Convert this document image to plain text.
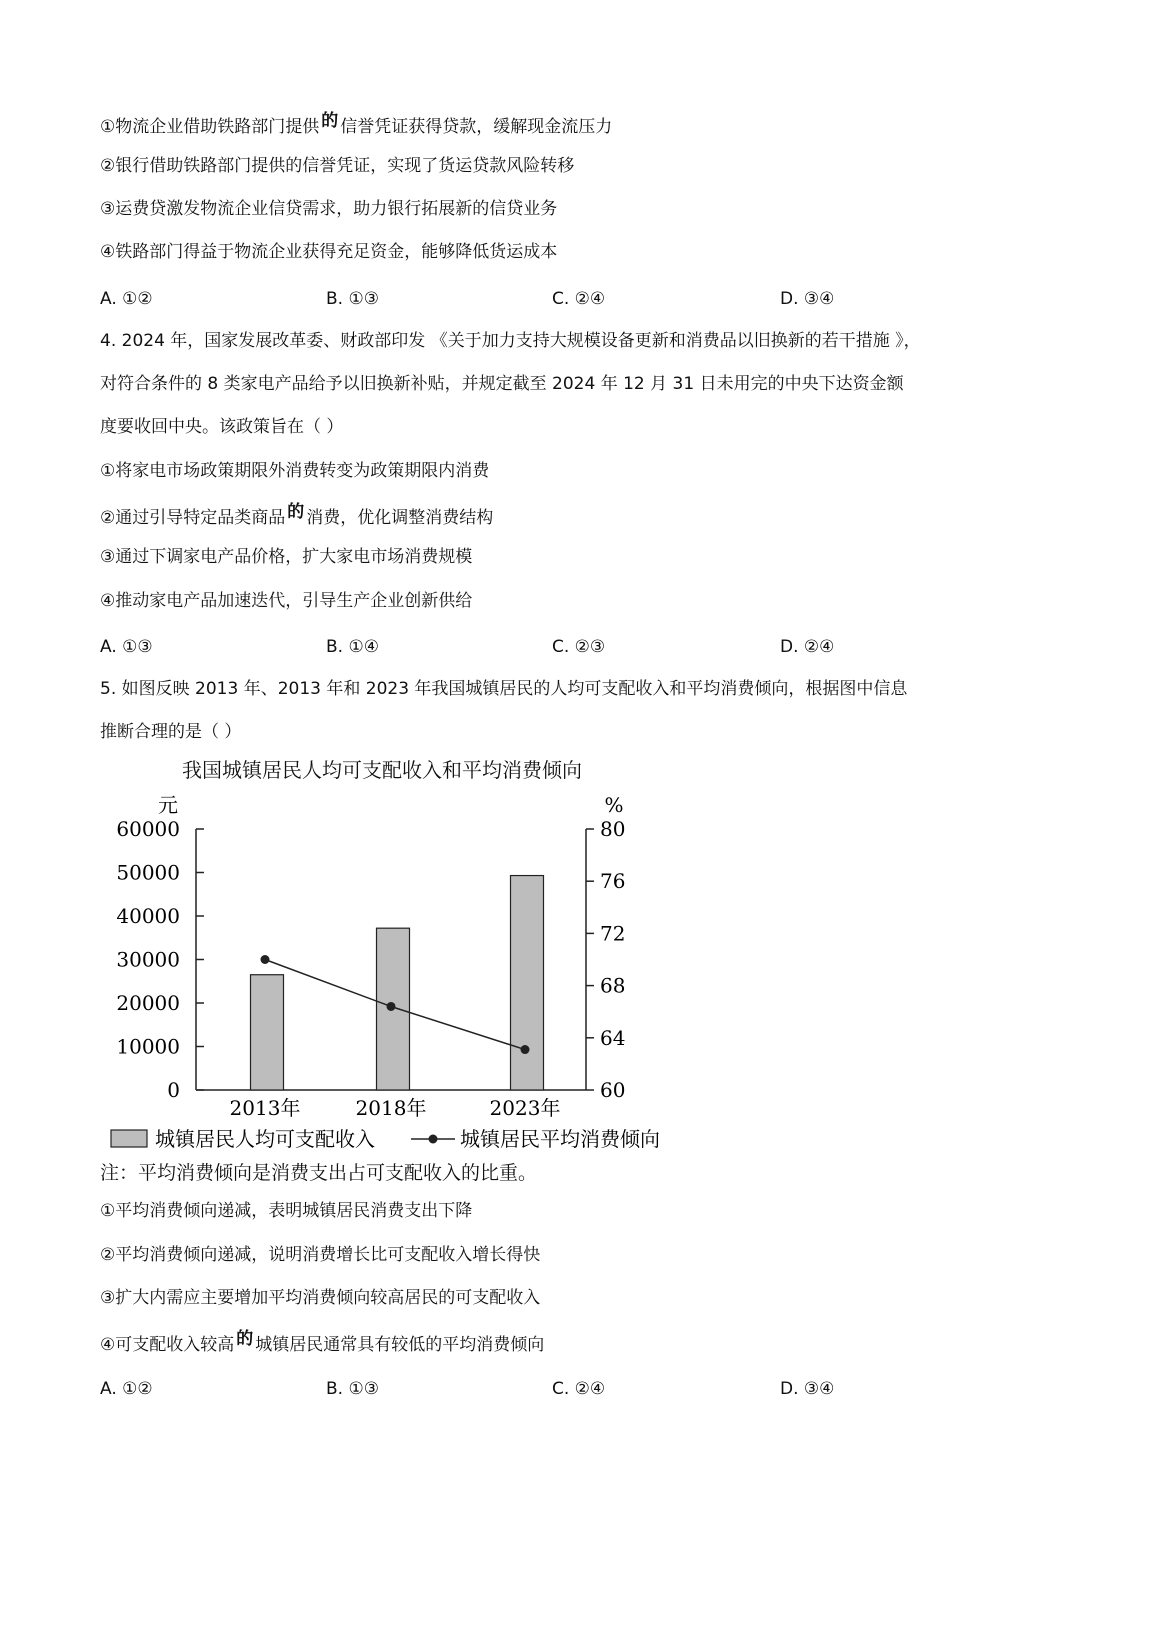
①物流企业借助铁路部门提供 的 信誉凭证获得贷款，缓解现金流压力
②银行借助铁路部门提供的信誉凭证，实现了货运贷款风险转移
③运费贷激发物流企业信贷需求，助力银行拓展新的信贷业务
④铁路部门得益于物流企业获得充足资金，能够降低货运成本
A. ①②	B. ①③	C. ②④	D. ③④
4. 2024 年，国家发展改革委、财政部印发 《关于加力支持大规模设备更新和消费品以旧换新的若干措施 》，
对符合条件的 8 类家电产品给予以旧换新补贴，并规定截至 2024 年 12 月 31 日未用完的中央下达资金额
度要收回中央。该政策旨在（ ）
①将家电市场政策期限外消费转变为政策期限内消费
②通过引导特定品类商品 的 消费，优化调整消费结构
③通过下调家电产品价格，扩大家电市场消费规模
④推动家电产品加速迭代，引导生产企业创新供给
A. ①③	B. ①④	C. ②③	D. ②④
5. 如图反映 2013 年、2013 年和 2023 年我国城镇居民的人均可支配收入和平均消费倾向，根据图中信息
推断合理的是（ ）
我国城镇居民人均可支配收入和平均消费倾向
元	%
60000
50000
40000
30000
20000
10000
0
80
76
72
68
64
60
2013年	2018年	2023年
城镇居民人均可支配收入	城镇居民平均消费倾向
注：平均消费倾向是消费支出占可支配收入的比重。
①平均消费倾向递减，表明城镇居民消费支出下降
②平均消费倾向递减，说明消费增长比可支配收入增长得快
③扩大内需应主要增加平均消费倾向较高居民的可支配收入
④可支配收入较高 的 城镇居民通常具有较低的平均消费倾向
A. ①②	B. ①③	C. ②④	D. ③④
